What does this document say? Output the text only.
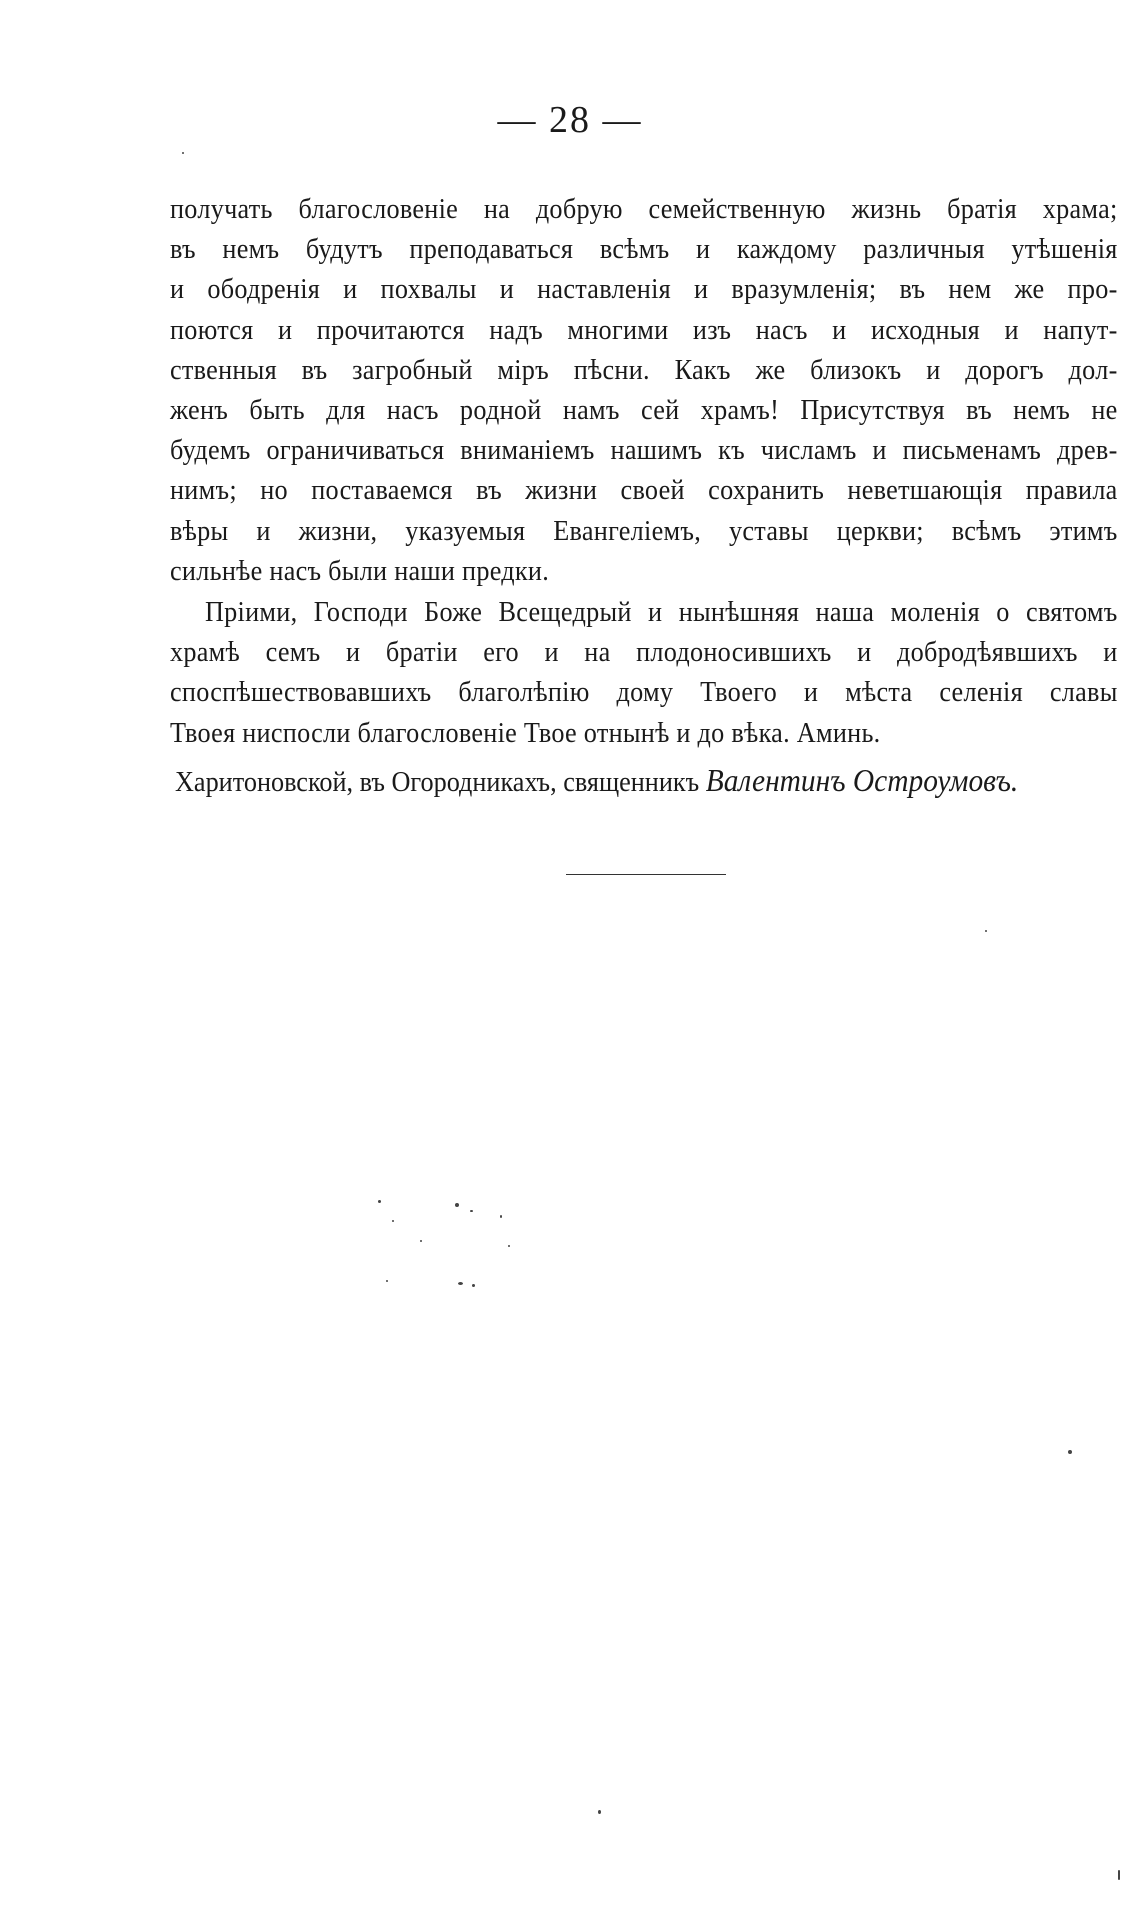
— 28 —
получать благословеніе на добрую семейственную жизнь братія храма;
въ немъ будутъ преподаваться всѣмъ и каждому различныя утѣшенія
и ободренія и похвалы и наставленія и вразумленія; въ нем же про-
поются и прочитаются надъ многими изъ насъ и исходныя и напут-
ственныя въ загробный міръ пѣсни. Какъ же близокъ и дорогъ дол-
женъ быть для насъ родной намъ сей храмъ! Присутствуя въ немъ не
будемъ ограничиваться вниманіемъ нашимъ къ числамъ и письменамъ древ-
нимъ; но поставаемся въ жизни своей сохранить неветшающія правила
вѣры и жизни, указуемыя Евангеліемъ, уставы церкви; всѣмъ этимъ
сильнѣе насъ были наши предки.
Пріими, Господи Боже Всещедрый и нынѣшняя наша моленія о святомъ
храмѣ семъ и братіи его и на плодоносившихъ и добродѣявшихъ и
споспѣшествовавшихъ благолѣпію дому Твоего и мѣста селенія славы
Твоея ниспосли благословеніе Твое отнынѣ и до вѣка. Аминь.
Харитоновской, въ Огородникахъ, священникъ Валентинъ Остроумовъ.
